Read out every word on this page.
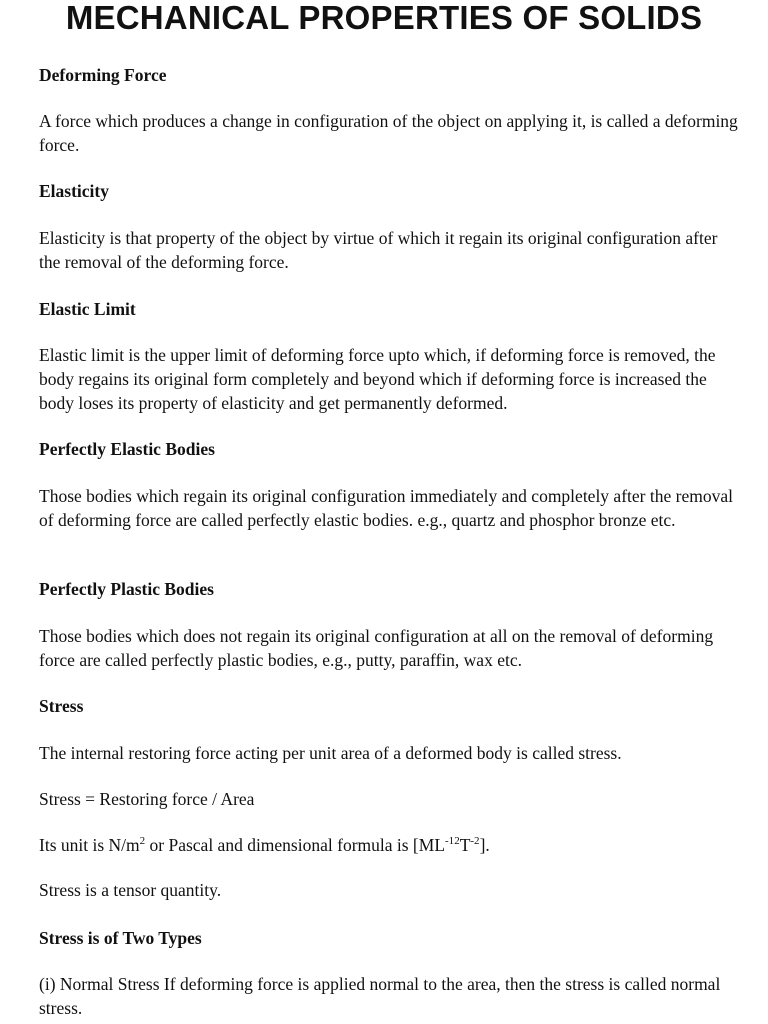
MECHANICAL PROPERTIES OF SOLIDS

Deforming Force

A force which produces a change in configuration of the object on applying it, is called a deforming force.

Elasticity

Elasticity is that property of the object by virtue of which it regain its original configuration after the removal of the deforming force.

Elastic Limit

Elastic limit is the upper limit of deforming force upto which, if deforming force is removed, the body regains its original form completely and beyond which if deforming force is increased the body loses its property of elasticity and get permanently deformed.

Perfectly Elastic Bodies

Those bodies which regain its original configuration immediately and completely after the removal of deforming force are called perfectly elastic bodies. e.g., quartz and phosphor bronze etc.

Perfectly Plastic Bodies

Those bodies which does not regain its original configuration at all on the removal of deforming force are called perfectly plastic bodies, e.g., putty, paraffin, wax etc.

Stress

The internal restoring force acting per unit area of a deformed body is called stress.

Stress = Restoring force / Area

Its unit is $N/m^2$ or Pascal and dimensional formula is $[ML^{-12}T^{-2}]$.

Stress is a tensor quantity.

Stress is of Two Types

(i) Normal Stress If deforming force is applied normal to the area, then the stress is called normal stress.
